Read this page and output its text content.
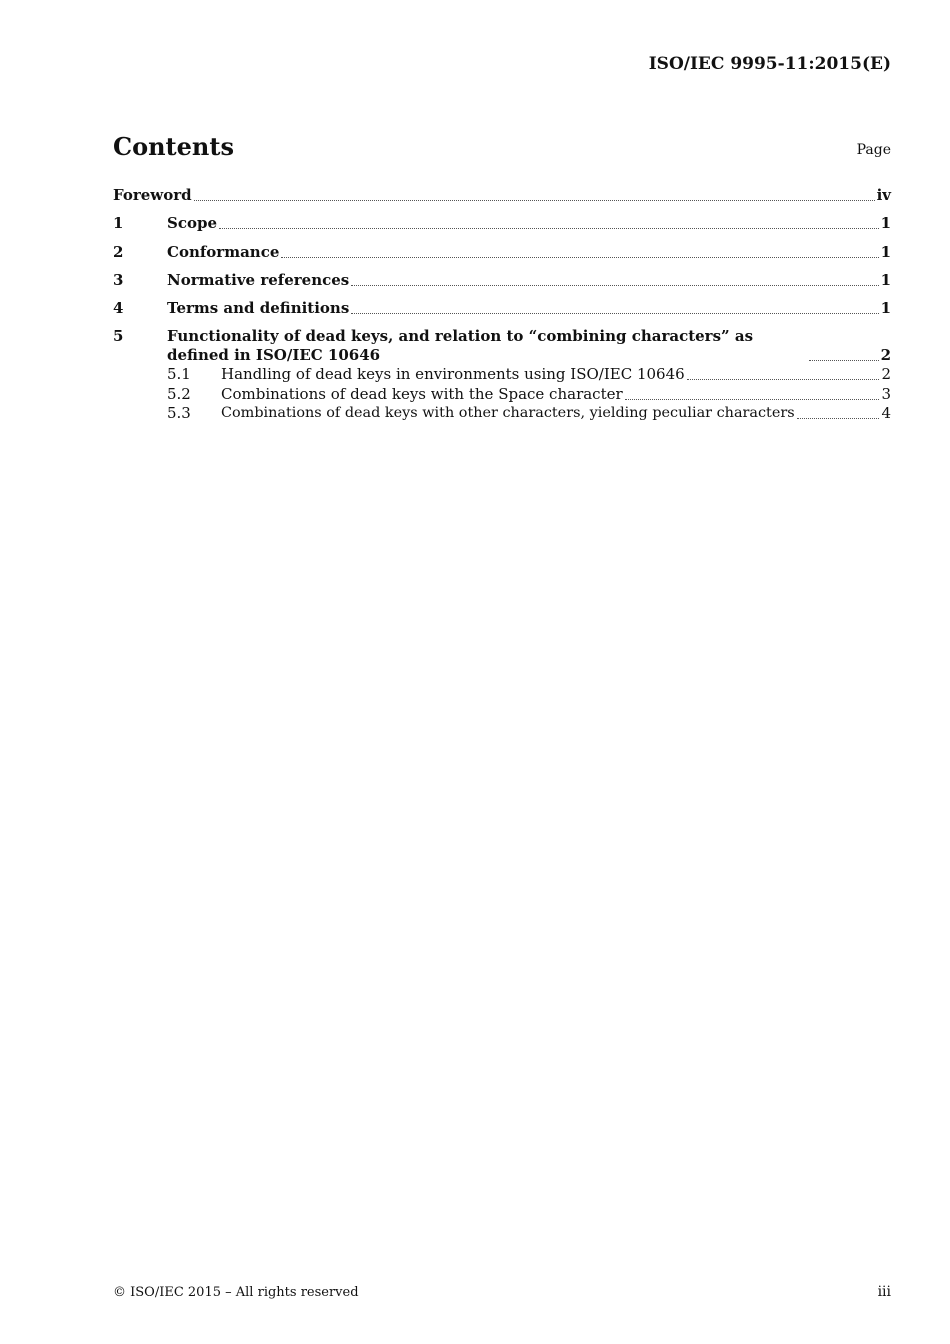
ISO/IEC 9995-11:2015(E)
Contents	Page
Foreword	iv
1	Scope	1
2	Conformance	1
3	Normative references	1
4	Terms and definitions	1
5	Functionality of dead keys, and relation to “combining characters” as defined in ISO/IEC 10646	2
5.1	Handling of dead keys in environments using ISO/IEC 10646	2
5.2	Combinations of dead keys with the Space character	3
5.3	Combinations of dead keys with other characters, yielding peculiar characters	4
© ISO/IEC 2015 – All rights reserved	iii
